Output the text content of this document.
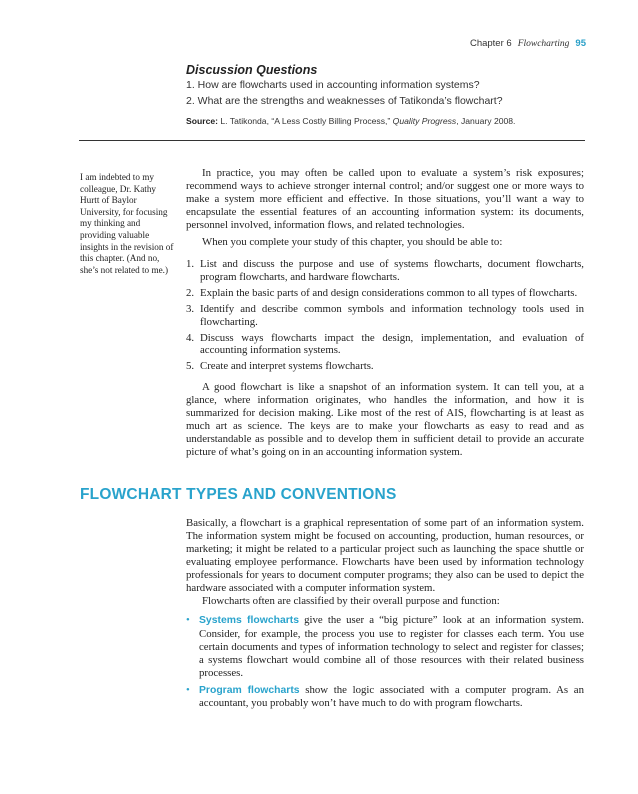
Chapter 6 Flowcharting 95
Discussion Questions
1. How are flowcharts used in accounting information systems?
2. What are the strengths and weaknesses of Tatikonda’s flowchart?
Source: L. Tatikonda, “A Less Costly Billing Process,” Quality Progress, January 2008.
I am indebted to my colleague, Dr. Kathy Hurtt of Baylor University, for focusing my thinking and providing valuable insights in the revision of this chapter. (And no, she’s not related to me.)
In practice, you may often be called upon to evaluate a system’s risk exposures; recommend ways to achieve stronger internal control; and/or suggest one or more ways to make a system more efficient and effective. In those situations, you’ll want a way to encapsulate the essential features of an accounting information system: its documents, personnel involved, information flows, and related technologies.
When you complete your study of this chapter, you should be able to:
1. List and discuss the purpose and use of systems flowcharts, document flowcharts, program flowcharts, and hardware flowcharts.
2. Explain the basic parts of and design considerations common to all types of flowcharts.
3. Identify and describe common symbols and information technology tools used in flowcharting.
4. Discuss ways flowcharts impact the design, implementation, and evaluation of accounting information systems.
5. Create and interpret systems flowcharts.
A good flowchart is like a snapshot of an information system. It can tell you, at a glance, where information originates, who handles the information, and how it is summarized for decision making. Like most of the rest of AIS, flowcharting is at least as much art as science. The keys are to make your flowcharts as easy to read and as understandable as possible and to develop them in sufficient detail to provide an accurate picture of what’s going on in an accounting information system.
FLOWCHART TYPES AND CONVENTIONS
Basically, a flowchart is a graphical representation of some part of an information system. The information system might be focused on accounting, production, human resources, or marketing; it might be related to a particular project such as launching the space shuttle or evaluating employee performance. Flowcharts have been used by information technology professionals for years to document computer programs; they also can be used to depict the hardware associated with a computer information system.
Flowcharts often are classified by their overall purpose and function:
• Systems flowcharts give the user a “big picture” look at an information system. Consider, for example, the process you use to register for classes each term. You use certain documents and types of information technology to select and register for classes; a systems flowchart would combine all of those resources with their related business processes.
• Program flowcharts show the logic associated with a computer program. As an accountant, you probably won’t have much to do with program flowcharts.
